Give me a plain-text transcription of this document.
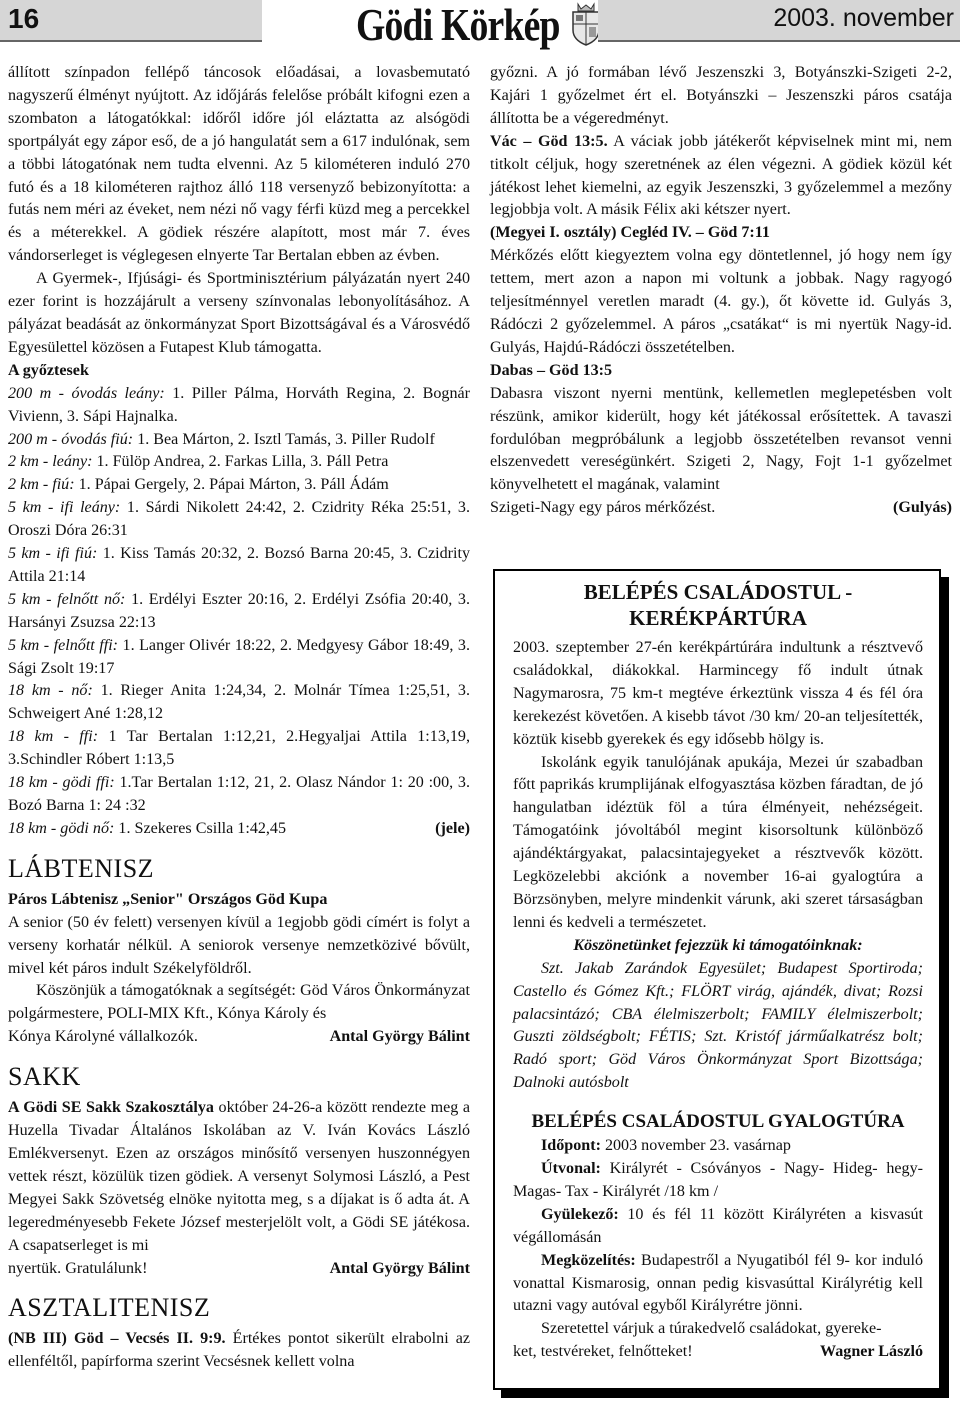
16	Gödi Körkép	2003. november

állított színpadon fellépő táncosok előadásai, a lovasbemutató nagyszerű élményt nyújtott. Az időjárás felelőse próbált kifogni ezen a szombaton a látogatókkal: időről időre jól eláztatta az alsógödi sportpályát egy zápor eső, de a jó hangulatát sem a 617 indulónak, sem a többi látogatónak nem tudta elvenni. Az 5 kilométeren induló 270 futó és a 18 kilométeren rajthoz álló 118 versenyző bebizonyította: a futás nem méri az éveket, nem nézi nő vagy férfi küzd meg a percekkel és a méterekkel. A gödiek részére alapított, most már 7. éves vándorserleget is véglegesen elnyerte Tar Bertalan ebben az évben.

A Gyermek-, Ifjúsági- és Sportminisztérium pályázatán nyert 240 ezer forint is hozzájárult a verseny színvonalas lebonyolításához. A pályázat beadását az önkormányzat Sport Bizottságával és a Városvédő Egyesülettel közösen a Futapest Klub támogatta.

A győztesek

200 m - óvodás leány: 1. Piller Pálma, Horváth Regina, 2. Bognár Vivienn, 3. Sápi Hajnalka.

200 m - óvodás fiú: 1. Bea Márton, 2. Isztl Tamás, 3. Piller Rudolf

2 km - leány: 1. Fülöp Andrea, 2. Farkas Lilla, 3. Páll Petra

2 km - fiú: 1. Pápai Gergely, 2. Pápai Márton, 3. Páll Ádám

5 km - ifi leány: 1. Sárdi Nikolett 24:42, 2. Czidrity Réka 25:51, 3. Oroszi Dóra 26:31

5 km - ifi fiú: 1. Kiss Tamás 20:32, 2. Bozsó Barna 20:45, 3. Czidrity Attila 21:14

5 km - felnőtt nő: 1. Erdélyi Eszter 20:16, 2. Erdélyi Zsófia 20:40, 3. Harsányi Zsuzsa 22:13

5 km - felnőtt ffi: 1. Langer Olivér 18:22, 2. Medgyesy Gábor 18:49, 3. Sági Zsolt 19:17

18 km - nő: 1. Rieger Anita 1:24,34, 2. Molnár Tímea 1:25,51, 3. Schweigert Ané 1:28,12

18 km - ffi: 1 Tar Bertalan 1:12,21, 2.Hegyaljai Attila 1:13,19, 3.Schindler Róbert 1:13,5

18 km - gödi ffi: 1.Tar Bertalan 1:12, 21, 2. Olasz Nándor 1: 20 :00, 3. Bozó Barna 1: 24 :32

18 km - gödi nő: 1. Szekeres Csilla 1:42,45	(jele)

LÁBTENISZ

Páros Lábtenisz „Senior" Országos Göd Kupa

A senior (50 év felett) versenyen kívül a 1egjobb gödi címért is folyt a verseny korhatár nélkül. A seniorok versenye nemzetközivé bővült, mivel két páros indult Székelyföldről.

Köszönjük a támogatóknak a segítségét: Göd Város Önkormányzat polgármestere, POLI-MIX Kft., Kónya Károly és

Kónya Károlyné vállalkozók.	Antal György Bálint

SAKK

A Gödi SE Sakk Szakosztálya október 24-26-a között rendezte meg a Huzella Tivadar Általános Iskolában az V. Iván Kovács László Emlékversenyt. Ezen az országos minősítő versenyen huszonnégyen vettek részt, közülük tizen gödiek. A versenyt Solymosi László, a Pest Megyei Sakk Szövetség elnöke nyitotta meg, s a díjakat is ő adta át. A legeredményesebb Fekete József mesterjelölt volt, a Gödi SE játékosa. A csapatserleget is mi

nyertük. Gratulálunk!	Antal György Bálint

ASZTALITENISZ

(NB III) Göd – Vecsés II. 9:9. Értékes pontot sikerült elrabolni az ellenféltől, papírforma szerint Vecsésnek kellett volna

győzni. A jó formában lévő Jeszenszki 3, Botyánszki-Szigeti 2-2, Kajári 1 győzelmet ért el. Botyánszki – Jeszenszki páros csatája állította be a végeredményt.

Vác – Göd 13:5. A váciak jobb játékerőt képviselnek mint mi, nem titkolt céljuk, hogy szeretnének az élen végezni. A gödiek közül két játékost lehet kiemelni, az egyik Jeszenszki, 3 győzelemmel a mezőny legjobbja volt. A másik Félix aki kétszer nyert.

(Megyei I. osztály) Cegléd IV. – Göd 7:11

Mérkőzés előtt kiegyeztem volna egy döntetlennel, jó hogy nem így tettem, mert azon a napon mi voltunk a jobbak. Nagy ragyogó teljesítménnyel veretlen maradt (4. gy.), őt követte id. Gulyás 3, Rádóczi 2 győzelemmel. A páros „csatákat“ is mi nyertük Nagy-id. Gulyás, Hajdú-Rádóczi összetételben.

Dabas – Göd 13:5

Dabasra viszont nyerni mentünk, kellemetlen meglepetésben volt részünk, amikor kiderült, hogy két játékossal erősítettek. A tavaszi fordulóban megpróbálunk a legjobb összetételben revansot venni elszenvedett vereségünkért. Szigeti 2, Nagy, Fojt 1-1 győzelmet könyvelhetett el magának, valamint

Szigeti-Nagy egy páros mérkőzést.	(Gulyás)

BELÉPÉS CSALÁDOSTUL - KERÉKPÁRTÚRA

2003. szeptember 27-én kerékpártúrára indultunk a résztvevő családokkal, diákokkal. Harmincegy fő indult útnak Nagymarosra, 75 km-t megtéve érkeztünk vissza 4 és fél óra kerekezést követően. A kisebb távot /30 km/ 20-an teljesítették, köztük kisebb gyerekek és egy idősebb hölgy is.

Iskolánk egyik tanulójának apukája, Mezei úr szabadban főtt paprikás krumplijának elfogyasztása közben fáradtan, de jó hangulatban idéztük föl a túra élményeit, nehézségeit. Támogatóink jóvoltából megint kisorsoltunk különböző ajándéktárgyakat, palacsintajegyeket a résztvevők között. Legközelebbi akciónk a november 16-ai gyalogtúra a Börzsönyben, melyre mindenkit várunk, aki szeret társaságban lenni és kedveli a természetet.

Köszönetünket fejezzük ki támogatóinknak:

Szt. Jakab Zarándok Egyesület; Budapest Sportiroda; Castello és Gómez Kft.; FLÖRT virág, ajándék, divat; Rozsi palacsintázó; CBA élelmiszerbolt; FAMILY élelmiszerbolt; Guszti zöldségbolt; FÉTIS; Szt. Kristóf járműalkatrész bolt; Radó sport; Göd Város Önkormányzat Sport Bizottsága; Dalnoki autósbolt

BELÉPÉS CSALÁDOSTUL GYALOGTÚRA

Időpont: 2003 november 23. vasárnap

Útvonal: Királyrét - Csóványos - Nagy- Hideg- hegy- Magas- Tax - Királyrét /18 km /

Gyülekező: 10 és fél 11 között Királyréten a kisvasút végállomásán

Megközelítés: Budapestről a Nyugatiból fél 9- kor induló vonattal Kismarosig, onnan pedig kisvasúttal Királyrétig kell utazni vagy autóval egyből Királyrétre jönni.

Szeretettel várjuk a túrakedvelő családokat, gyereke-

ket, testvéreket, felnőtteket!	Wagner László
